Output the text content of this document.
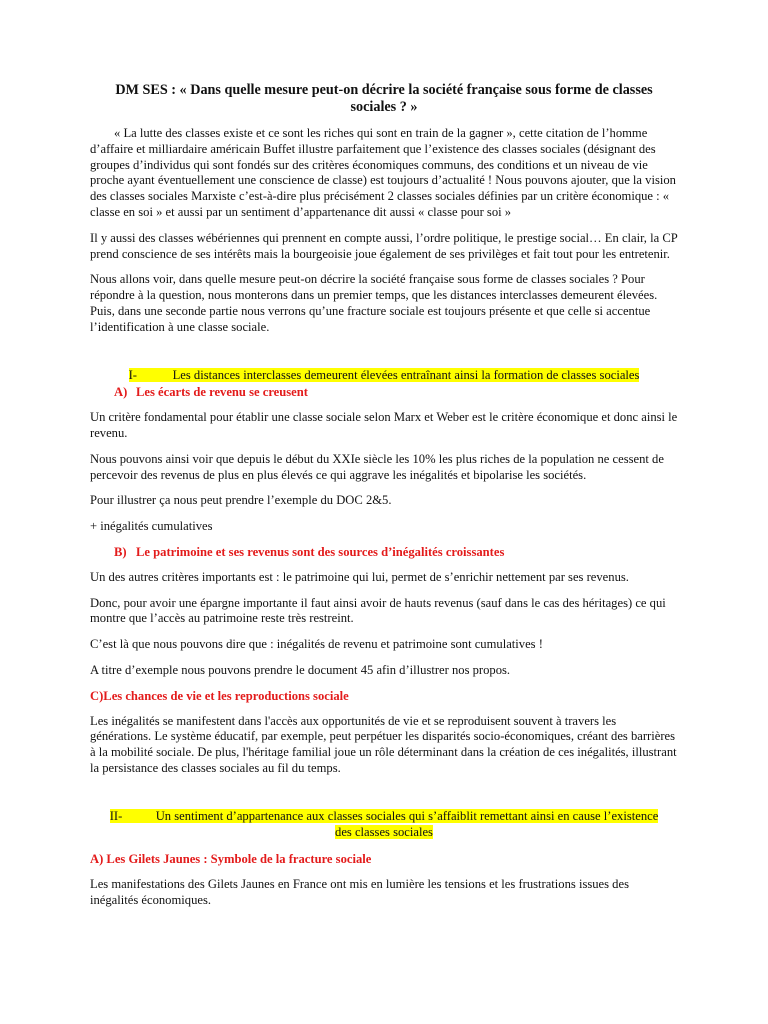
DM SES : « Dans quelle mesure peut-on décrire la société française sous forme de classes
sociales ? »

« La lutte des classes existe et ce sont les riches qui sont en train de la gagner », cette citation de l’homme d’affaire et milliardaire américain Buffet illustre parfaitement que l’existence des classes sociales (désignant des groupes d’individus qui sont fondés sur des critères économiques communs, des conditions et un niveau de vie proche ayant éventuellement une conscience de classe) est toujours d’actualité ! Nous pouvons ajouter, que la vision des classes sociales Marxiste c’est-à-dire plus précisément 2 classes sociales définies par un critère économique : « classe en soi » et aussi par un sentiment d’appartenance dit aussi « classe pour soi »

Il y aussi des classes wébériennes qui prennent en compte aussi, l’ordre politique, le prestige social… En clair, la CP prend conscience de ses intérêts mais la bourgeoisie joue également de ses privilèges et fait tout pour les entretenir.

Nous allons voir, dans quelle mesure peut-on décrire la société française sous forme de classes sociales ? Pour répondre à la question, nous monterons dans un premier temps, que les distances interclasses demeurent élevées. Puis, dans une seconde partie nous verrons qu’une fracture sociale est toujours présente et que celle si accentue l’identification à une classe sociale.

I-	Les distances interclasses demeurent élevées entraînant ainsi la formation de classes sociales
A) Les écarts de revenu se creusent

Un critère fondamental pour établir une classe sociale selon Marx et Weber est le critère économique et donc ainsi le revenu.

Nous pouvons ainsi voir que depuis le début du XXIe siècle les 10% les plus riches de la population ne cessent de percevoir des revenus de plus en plus élevés ce qui aggrave les inégalités et bipolarise les sociétés.

Pour illustrer ça nous peut prendre l’exemple du DOC 2&5.

+ inégalités cumulatives

B) Le patrimoine et ses revenus sont des sources d’inégalités croissantes

Un des autres critères importants est : le patrimoine qui lui, permet de s’enrichir nettement par ses revenus.

Donc, pour avoir une épargne importante il faut ainsi avoir de hauts revenus (sauf dans le cas des héritages) ce qui montre que l’accès au patrimoine reste très restreint.

C’est là que nous pouvons dire que : inégalités de revenu et patrimoine sont cumulatives !

A titre d’exemple nous pouvons prendre le document 45 afin d’illustrer nos propos.

C)Les chances de vie et les reproductions sociale

Les inégalités se manifestent dans l'accès aux opportunités de vie et se reproduisent souvent à travers les générations. Le système éducatif, par exemple, peut perpétuer les disparités socio-économiques, créant des barrières à la mobilité sociale. De plus, l'héritage familial joue un rôle déterminant dans la création de ces inégalités, illustrant la persistance des classes sociales au fil du temps.

II-	Un sentiment d’appartenance aux classes sociales qui s’affaiblit remettant ainsi en cause l’existence
des classes sociales
A) Les Gilets Jaunes : Symbole de la fracture sociale

Les manifestations des Gilets Jaunes en France ont mis en lumière les tensions et les frustrations issues des inégalités économiques.
